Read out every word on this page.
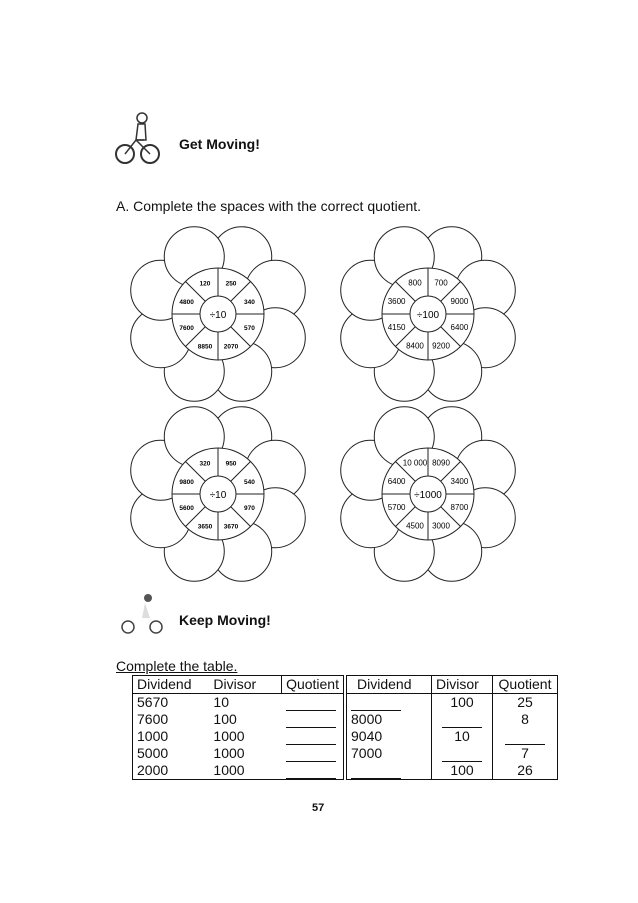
Get Moving!
A. Complete the spaces with the correct quotient.
÷10
250
340
570
2070
8850
7600
4800
120
÷100
700
9000
6400
9200
8400
4150
3600
800
÷10
950
540
970
3670
3650
5600
9800
320
÷1000
8090
3400
8700
3000
4500
5700
6400
10 000
Keep Moving!
Complete the table.
Dividend	Divisor	Quotient
5670	10	
7600	100	
1000	1000	
5000	1000	
2000	1000	
Dividend	Divisor	Quotient
	100	25
8000		8
9040	10	
7000		7
	100	26
57
